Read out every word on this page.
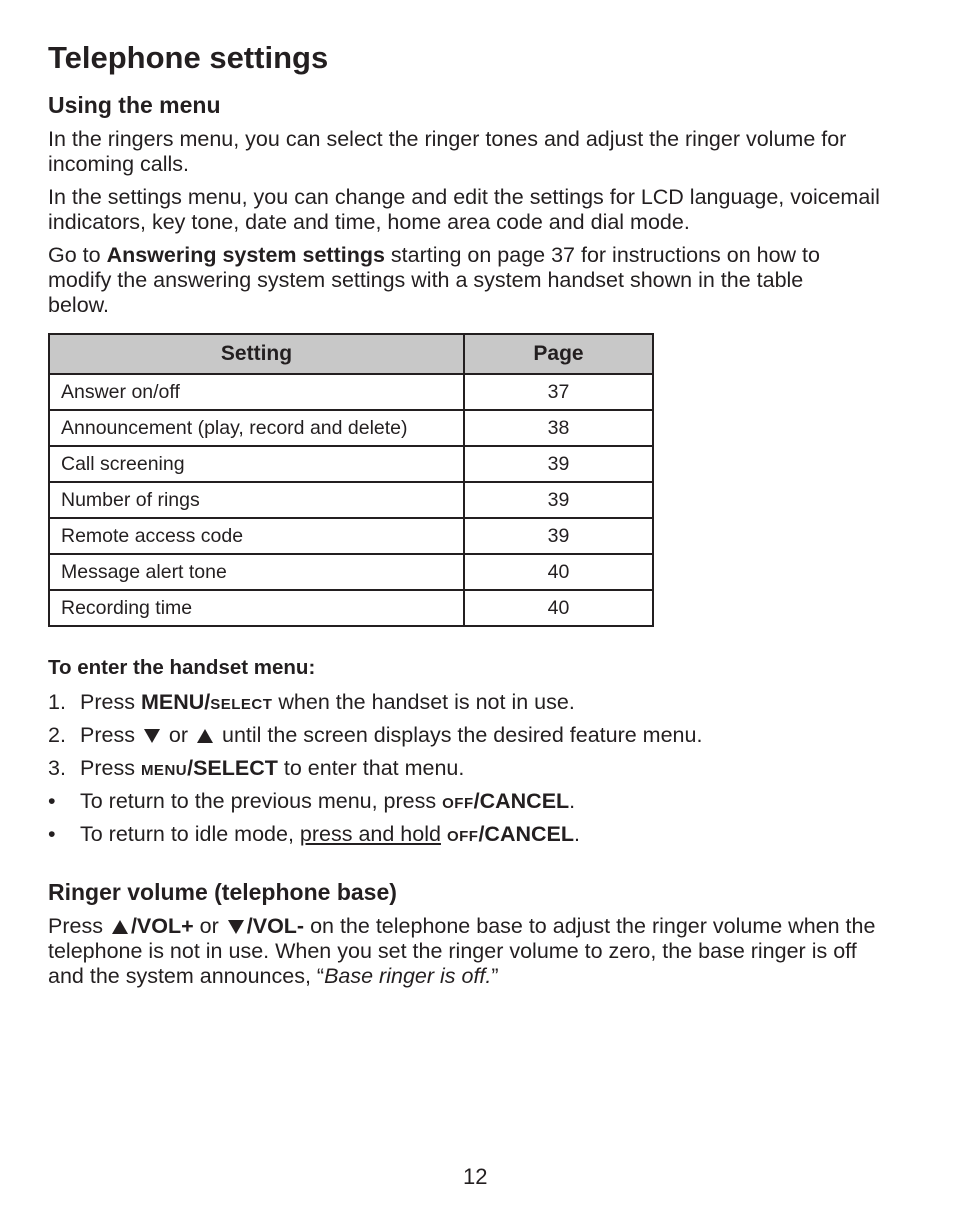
Telephone settings
Using the menu

In the ringers menu, you can select the ringer tones and adjust the ringer volume for incoming calls.

In the settings menu, you can change and edit the settings for LCD language, voicemail indicators, key tone, date and time, home area code and dial mode.

Go to Answering system settings starting on page 37 for instructions on how to modify the answering system settings with a system handset shown in the table below.

Setting	Page
Answer on/off	37
Announcement (play, record and delete)	38
Call screening	39
Number of rings	39
Remote access code	39
Message alert tone	40
Recording time	40
To enter the handset menu:
1. Press MENU/SELECT when the handset is not in use.
2. Press  or  until the screen displays the desired feature menu.
3. Press MENU/SELECT to enter that menu.
• To return to the previous menu, press OFF/CANCEL.
• To return to idle mode, press and hold OFF/CANCEL.
Ringer volume (telephone base)

Press /VOL+ or /VOL- on the telephone base to adjust the ringer volume when the telephone is not in use. When you set the ringer volume to zero, the base ringer is off and the system announces, “Base ringer is off.”

12
